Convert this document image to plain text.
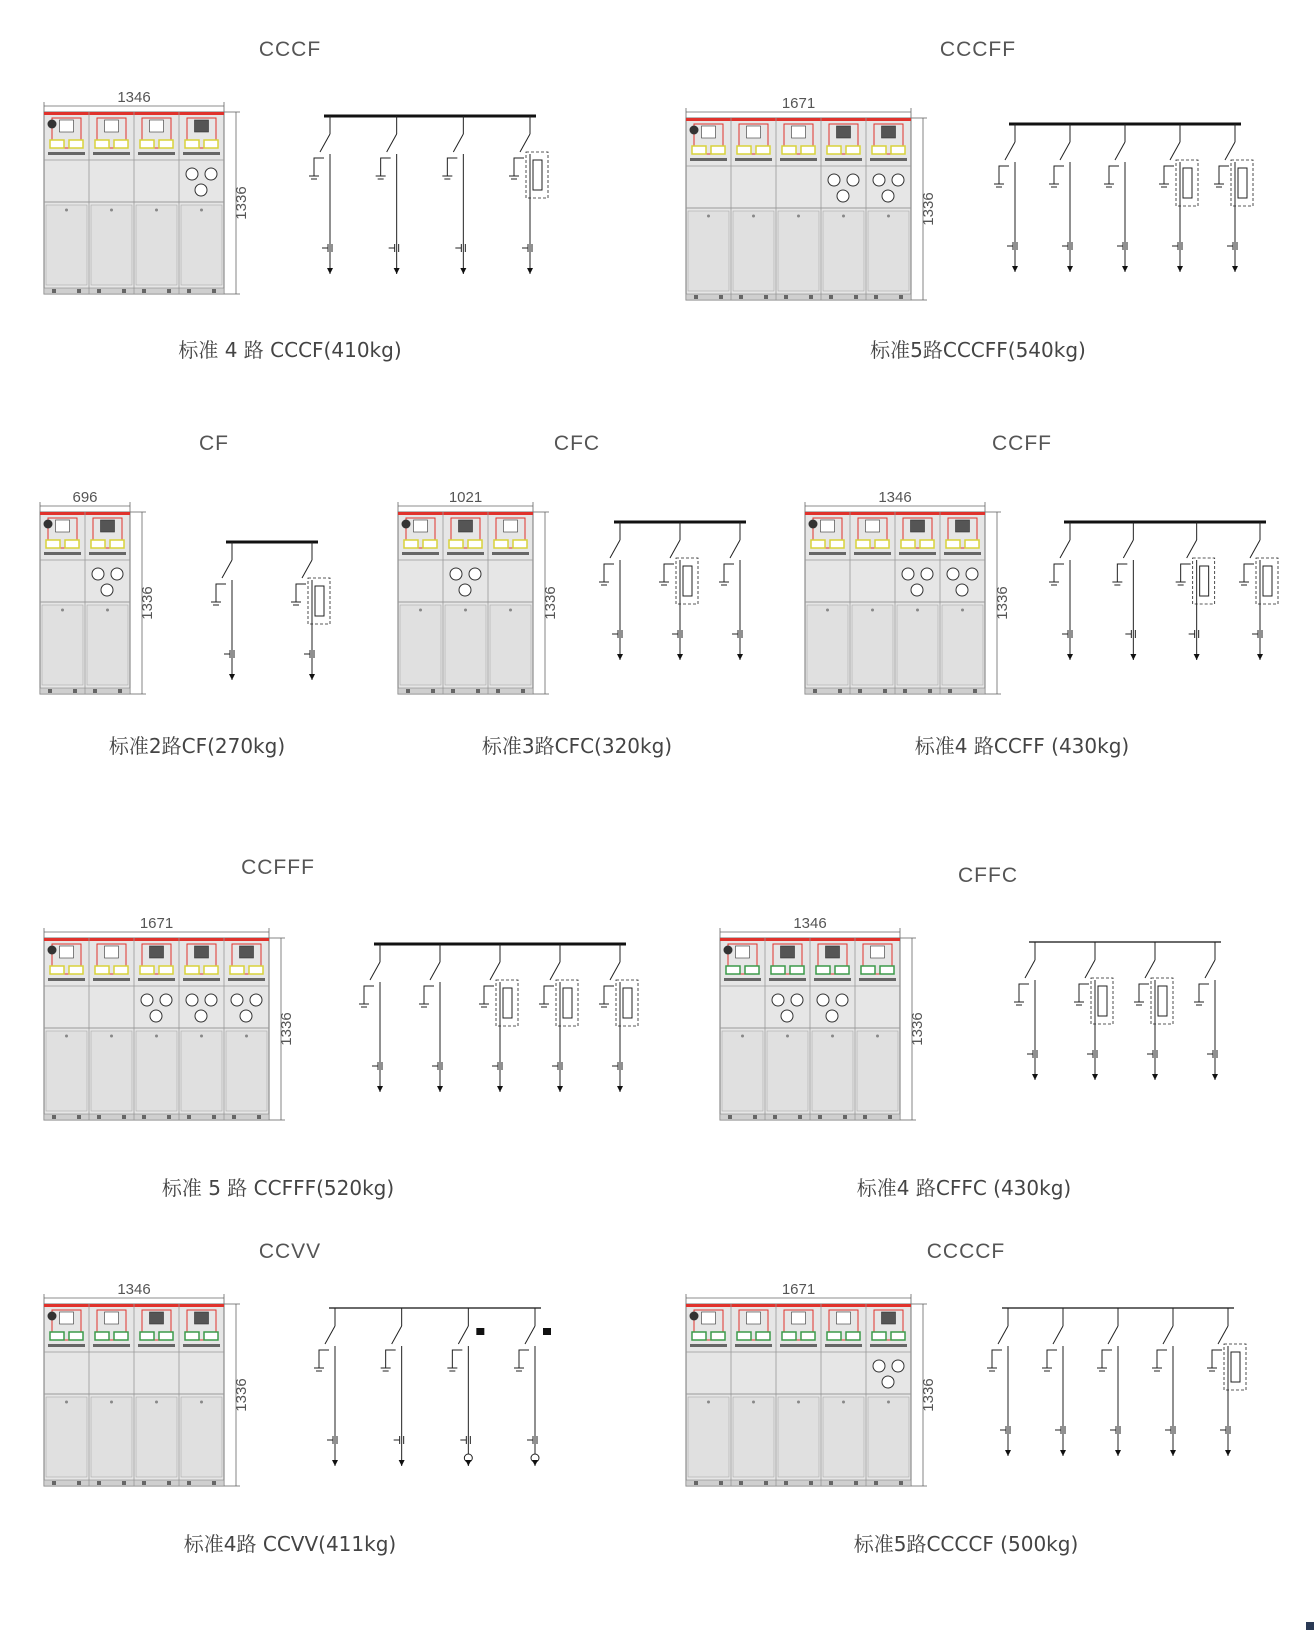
CCCF	CCCFF
CF	CFC	CCFF
CCFFF	CFFC
CCVV	CCCCF
标准 4 路 CCCF(410kg)	标准5路CCCFF(540kg)
标准2路CF(270kg)	标准3路CFC(320kg)	标准4 路CCFF (430kg)
标准 5 路 CCFFF(520kg)	标准4 路CFFC (430kg)
标准4路 CCVV(411kg)	标准5路CCCCF (500kg)
1346
1336
1671
1336
696
1336
1021
1336
1346
1336
1671
1336
1346
1336
1346
1336
1671
1336
